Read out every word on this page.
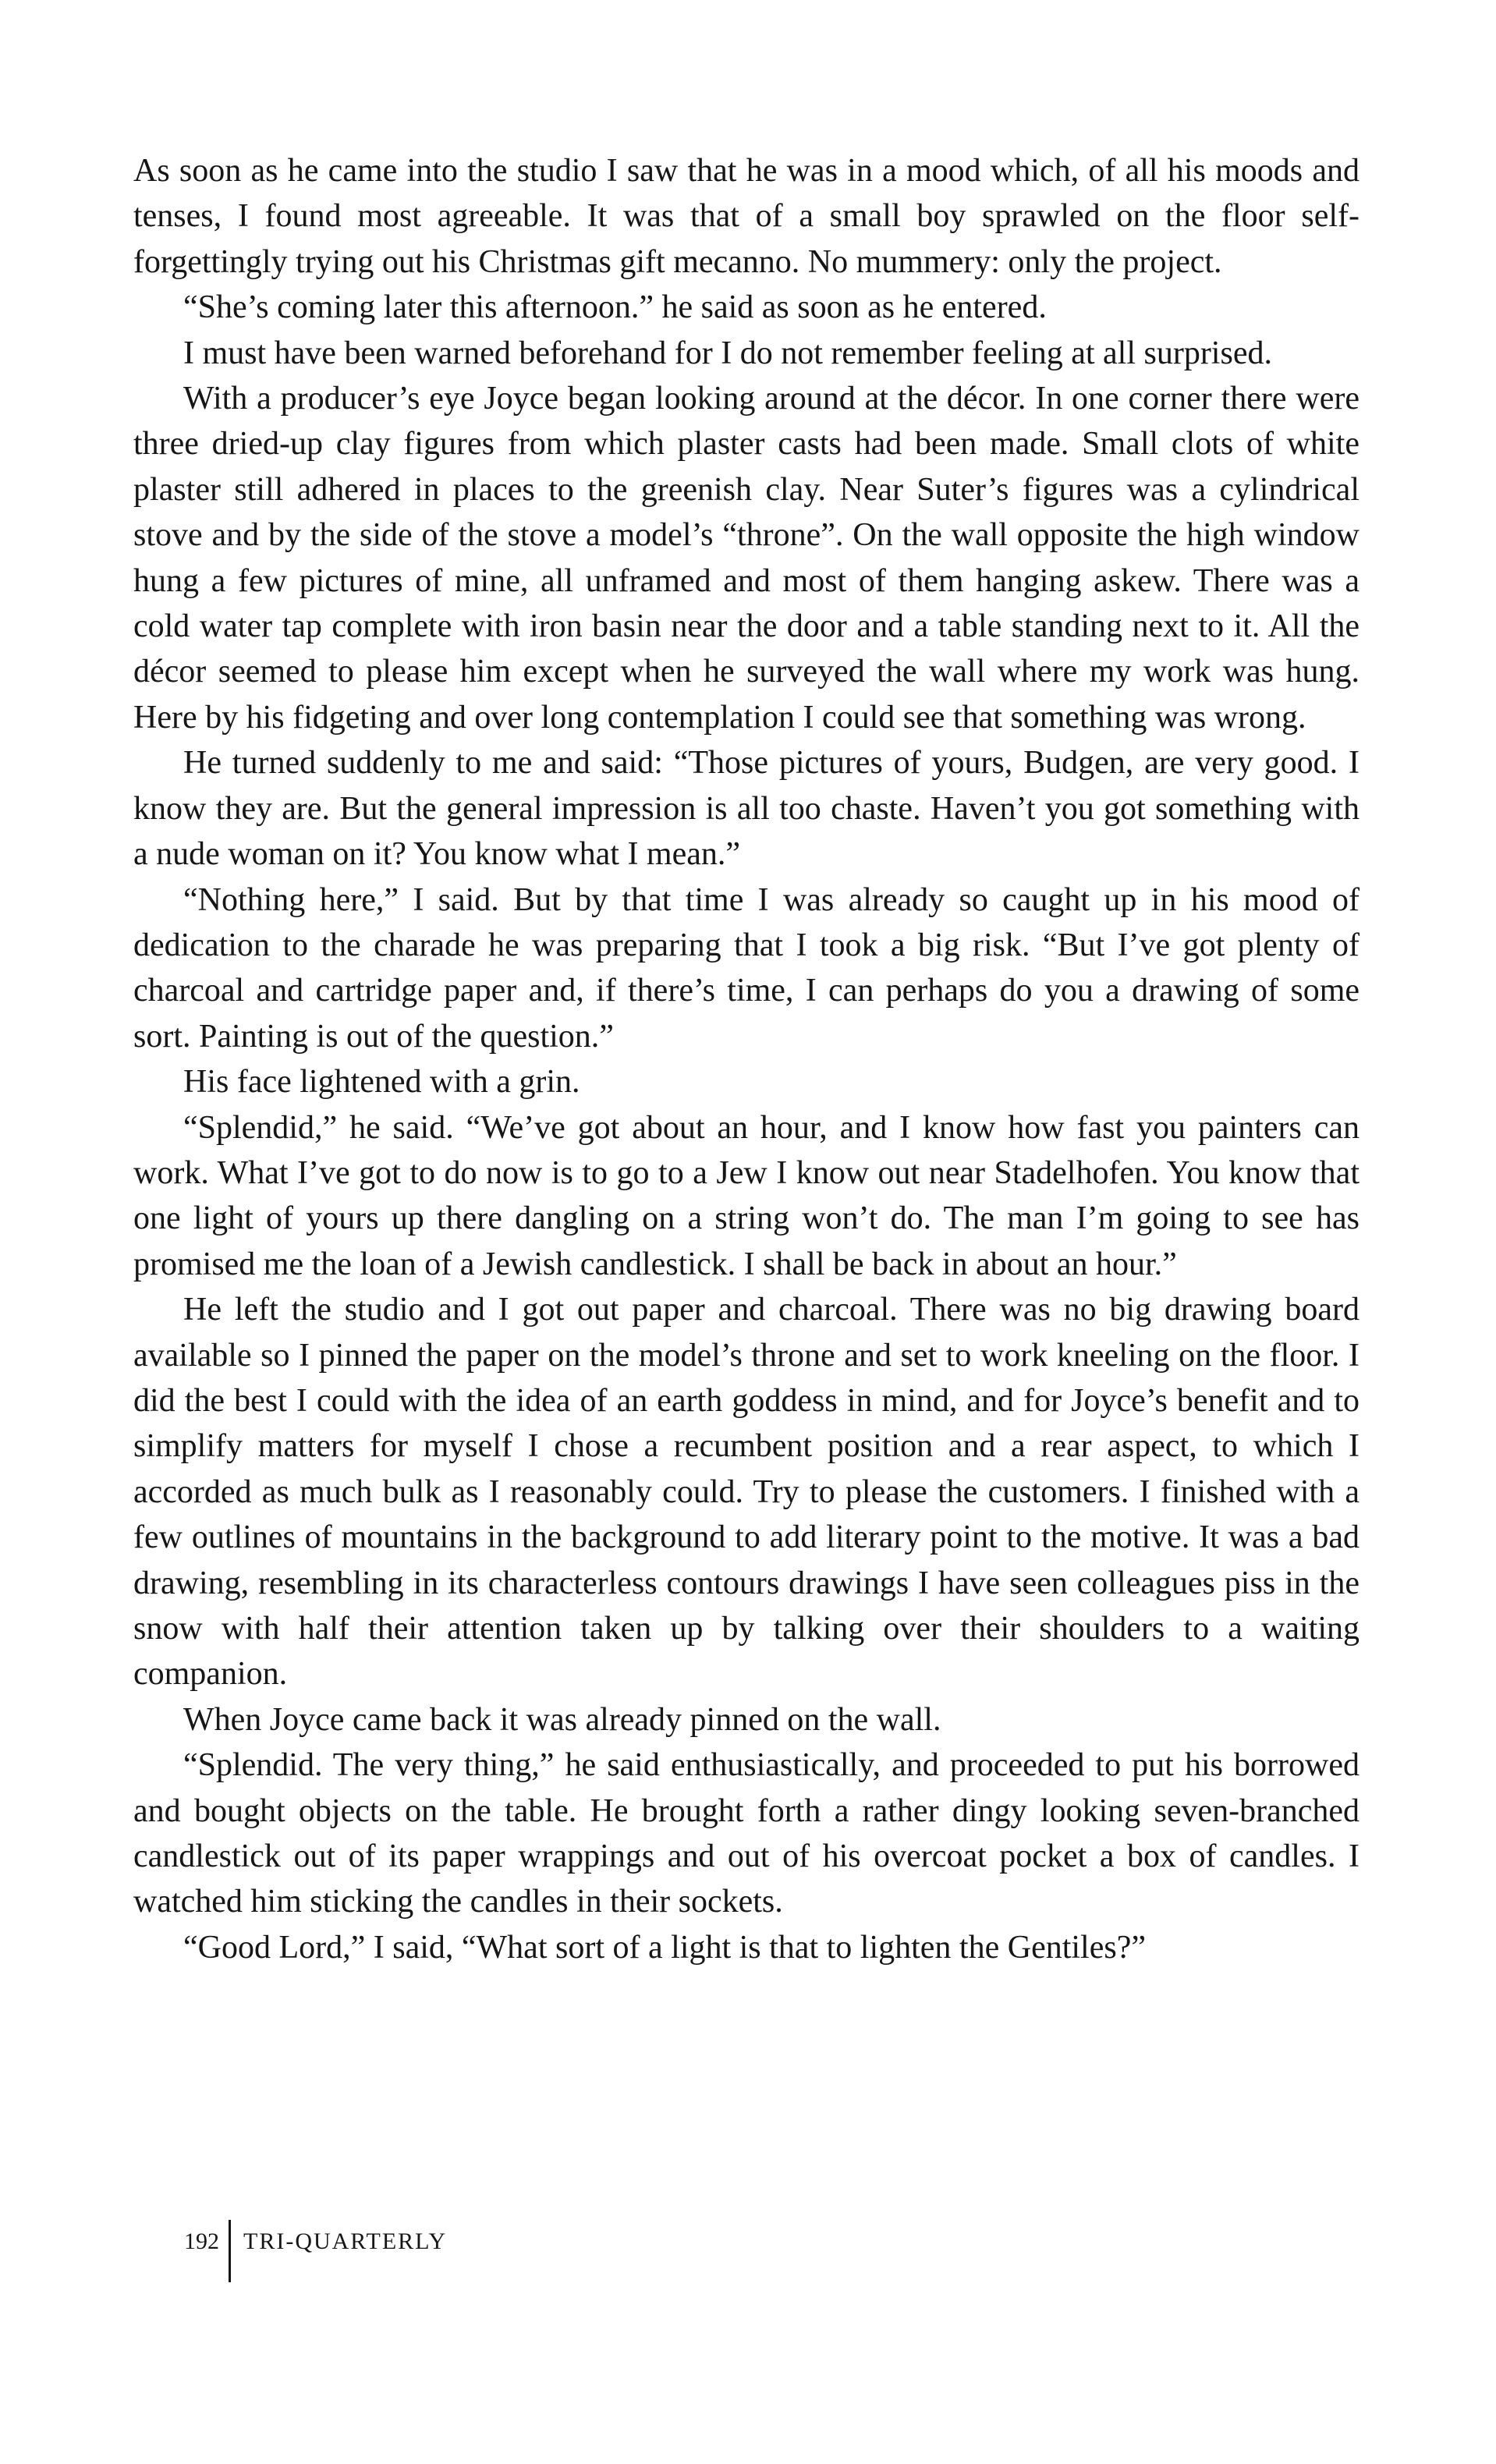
As soon as he came into the studio I saw that he was in a mood which, of all his moods and tenses, I found most agreeable. It was that of a small boy sprawled on the floor self-forgettingly trying out his Christmas gift mecanno. No mummery: only the project.

“She’s coming later this afternoon.” he said as soon as he entered.

I must have been warned beforehand for I do not remember feeling at all surprised.

With a producer’s eye Joyce began looking around at the décor. In one corner there were three dried-up clay figures from which plaster casts had been made. Small clots of white plaster still adhered in places to the greenish clay. Near Suter’s figures was a cylindrical stove and by the side of the stove a model’s “throne”. On the wall opposite the high window hung a few pictures of mine, all unframed and most of them hanging askew. There was a cold water tap complete with iron basin near the door and a table standing next to it. All the décor seemed to please him except when he surveyed the wall where my work was hung. Here by his fidgeting and over long contemplation I could see that something was wrong.

He turned suddenly to me and said: “Those pictures of yours, Budgen, are very good. I know they are. But the general impression is all too chaste. Haven’t you got something with a nude woman on it? You know what I mean.”

“Nothing here,” I said. But by that time I was already so caught up in his mood of dedication to the charade he was preparing that I took a big risk. “But I’ve got plenty of charcoal and cartridge paper and, if there’s time, I can perhaps do you a drawing of some sort. Painting is out of the question.”

His face lightened with a grin.

“Splendid,” he said. “We’ve got about an hour, and I know how fast you painters can work. What I’ve got to do now is to go to a Jew I know out near Stadelhofen. You know that one light of yours up there dangling on a string won’t do. The man I’m going to see has promised me the loan of a Jewish candlestick. I shall be back in about an hour.”

He left the studio and I got out paper and charcoal. There was no big drawing board available so I pinned the paper on the model’s throne and set to work kneeling on the floor. I did the best I could with the idea of an earth goddess in mind, and for Joyce’s benefit and to simplify matters for myself I chose a recumbent position and a rear aspect, to which I accorded as much bulk as I reasonably could. Try to please the customers. I finished with a few outlines of mountains in the background to add literary point to the motive. It was a bad drawing, resembling in its characterless contours drawings I have seen colleagues piss in the snow with half their attention taken up by talking over their shoulders to a waiting companion.

When Joyce came back it was already pinned on the wall.

“Splendid. The very thing,” he said enthusiastically, and proceeded to put his borrowed and bought objects on the table. He brought forth a rather dingy looking seven-branched candlestick out of its paper wrappings and out of his overcoat pocket a box of candles. I watched him sticking the candles in their sockets.

“Good Lord,” I said, “What sort of a light is that to lighten the Gentiles?”

192	TRI-QUARTERLY
